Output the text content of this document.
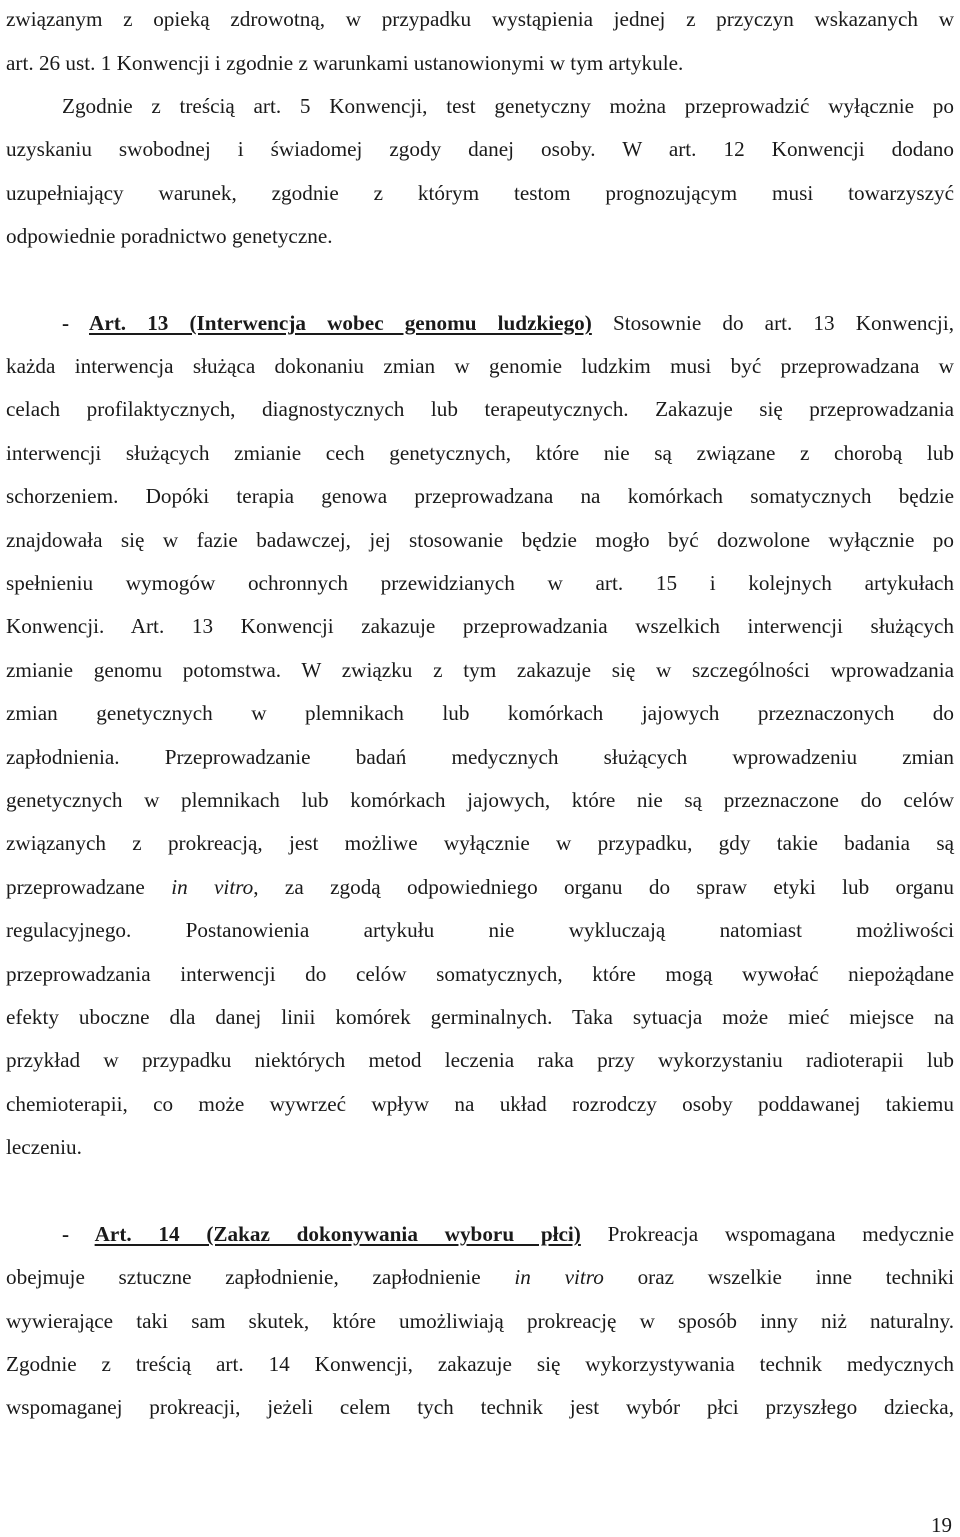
związanym z opieką zdrowotną, w przypadku wystąpienia jednej z przyczyn wskazanych w
art. 26 ust. 1 Konwencji i zgodnie z warunkami ustanowionymi w tym artykule.
Zgodnie z treścią art. 5 Konwencji, test genetyczny można przeprowadzić wyłącznie po
uzyskaniu swobodnej i świadomej zgody danej osoby. W art. 12 Konwencji dodano
uzupełniający warunek, zgodnie z którym testom prognozującym musi towarzyszyć
odpowiednie poradnictwo genetyczne.
- Art. 13 (Interwencja wobec genomu ludzkiego) Stosownie do art. 13 Konwencji,
każda interwencja służąca dokonaniu zmian w genomie ludzkim musi być przeprowadzana w
celach profilaktycznych, diagnostycznych lub terapeutycznych. Zakazuje się przeprowadzania
interwencji służących zmianie cech genetycznych, które nie są związane z chorobą lub
schorzeniem. Dopóki terapia genowa przeprowadzana na komórkach somatycznych będzie
znajdowała się w fazie badawczej, jej stosowanie będzie mogło być dozwolone wyłącznie po
spełnieniu wymogów ochronnych przewidzianych w art. 15 i kolejnych artykułach
Konwencji. Art. 13 Konwencji zakazuje przeprowadzania wszelkich interwencji służących
zmianie genomu potomstwa. W związku z tym zakazuje się w szczególności wprowadzania
zmian genetycznych w plemnikach lub komórkach jajowych przeznaczonych do
zapłodnienia. Przeprowadzanie badań medycznych służących wprowadzeniu zmian
genetycznych w plemnikach lub komórkach jajowych, które nie są przeznaczone do celów
związanych z prokreacją, jest możliwe wyłącznie w przypadku, gdy takie badania są
przeprowadzane in vitro, za zgodą odpowiedniego organu do spraw etyki lub organu
regulacyjnego. Postanowienia artykułu nie wykluczają natomiast możliwości
przeprowadzania interwencji do celów somatycznych, które mogą wywołać niepożądane
efekty uboczne dla danej linii komórek germinalnych. Taka sytuacja może mieć miejsce na
przykład w przypadku niektórych metod leczenia raka przy wykorzystaniu radioterapii lub
chemioterapii, co może wywrzeć wpływ na układ rozrodczy osoby poddawanej takiemu
leczeniu.
- Art. 14 (Zakaz dokonywania wyboru płci) Prokreacja wspomagana medycznie
obejmuje sztuczne zapłodnienie, zapłodnienie in vitro oraz wszelkie inne techniki
wywierające taki sam skutek, które umożliwiają prokreację w sposób inny niż naturalny.
Zgodnie z treścią art. 14 Konwencji, zakazuje się wykorzystywania technik medycznych
wspomaganej prokreacji, jeżeli celem tych technik jest wybór płci przyszłego dziecka,
19
